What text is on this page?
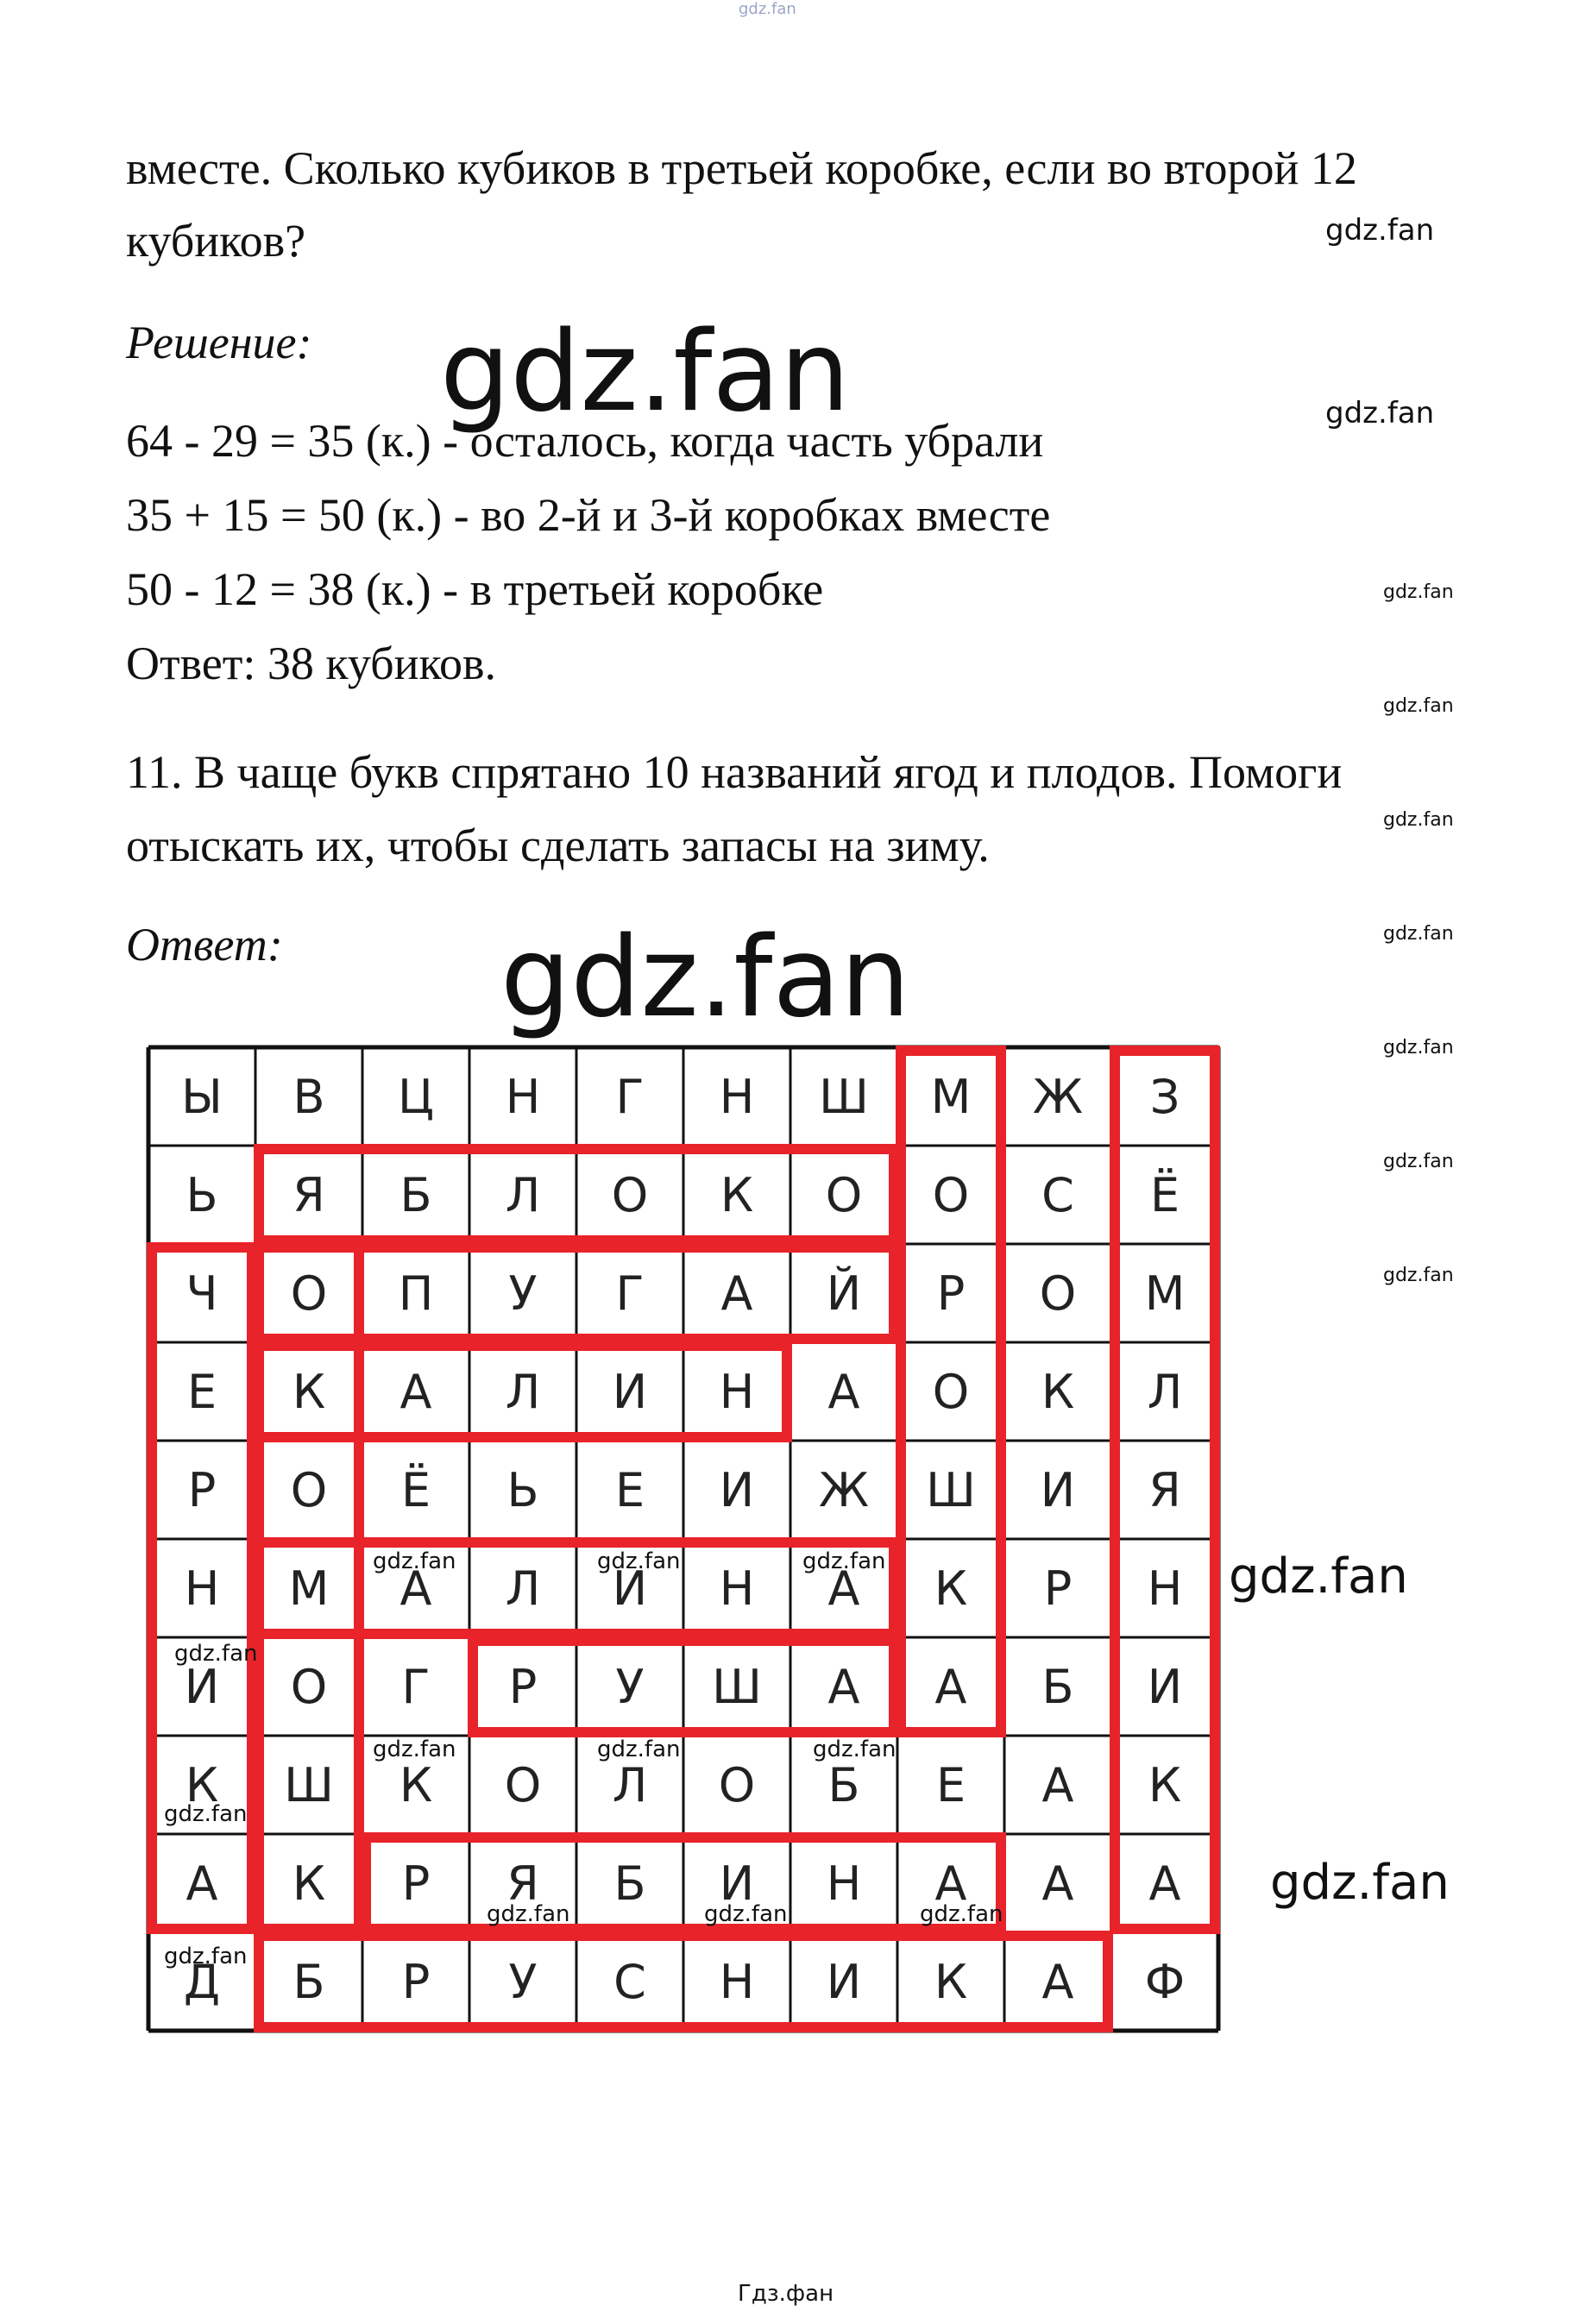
gdz.fan
вместе. Сколько кубиков в третьей коробке, если во второй 12
кубиков?
Решение:
64 - 29 = 35 (к.) - осталось, когда часть убрали
35 + 15 = 50 (к.) - во 2-й и 3-й коробках вместе
50 - 12 = 38 (к.) - в третьей коробке
Ответ: 38 кубиков.
11. В чаще букв спрятано 10 названий ягод и плодов. Помоги
отыскать их, чтобы сделать запасы на зиму.
Ответ:
gdz.fan
gdz.fan
gdz.fan
gdz.fan
gdz.fan
gdz.fan
gdz.fan
gdz.fan
gdz.fan
gdz.fan
gdz.fan
gdz.fan
gdz.fan
Ы В Ц Н Г Н Ш М Ж З
Ь Я Б Л О К О О С Ё
Ч О П У Г А Й Р О М
Е К А Л И Н А О К Л
Р О Ё Ь Е И Ж Ш И Я
Н М А Л И Н А К Р Н
И О Г Р У Ш А А Б И
К Ш К О Л О Б Е А К
А К Р Я Б И Н А А А
Д Б Р У С Н И К А Ф
gdz.fan	gdz.fan	gdz.fan
gdz.fan
gdz.fan	gdz.fan	gdz.fan
gdz.fan
gdz.fan	gdz.fan	gdz.fan
gdz.fan
Гдз.фан
